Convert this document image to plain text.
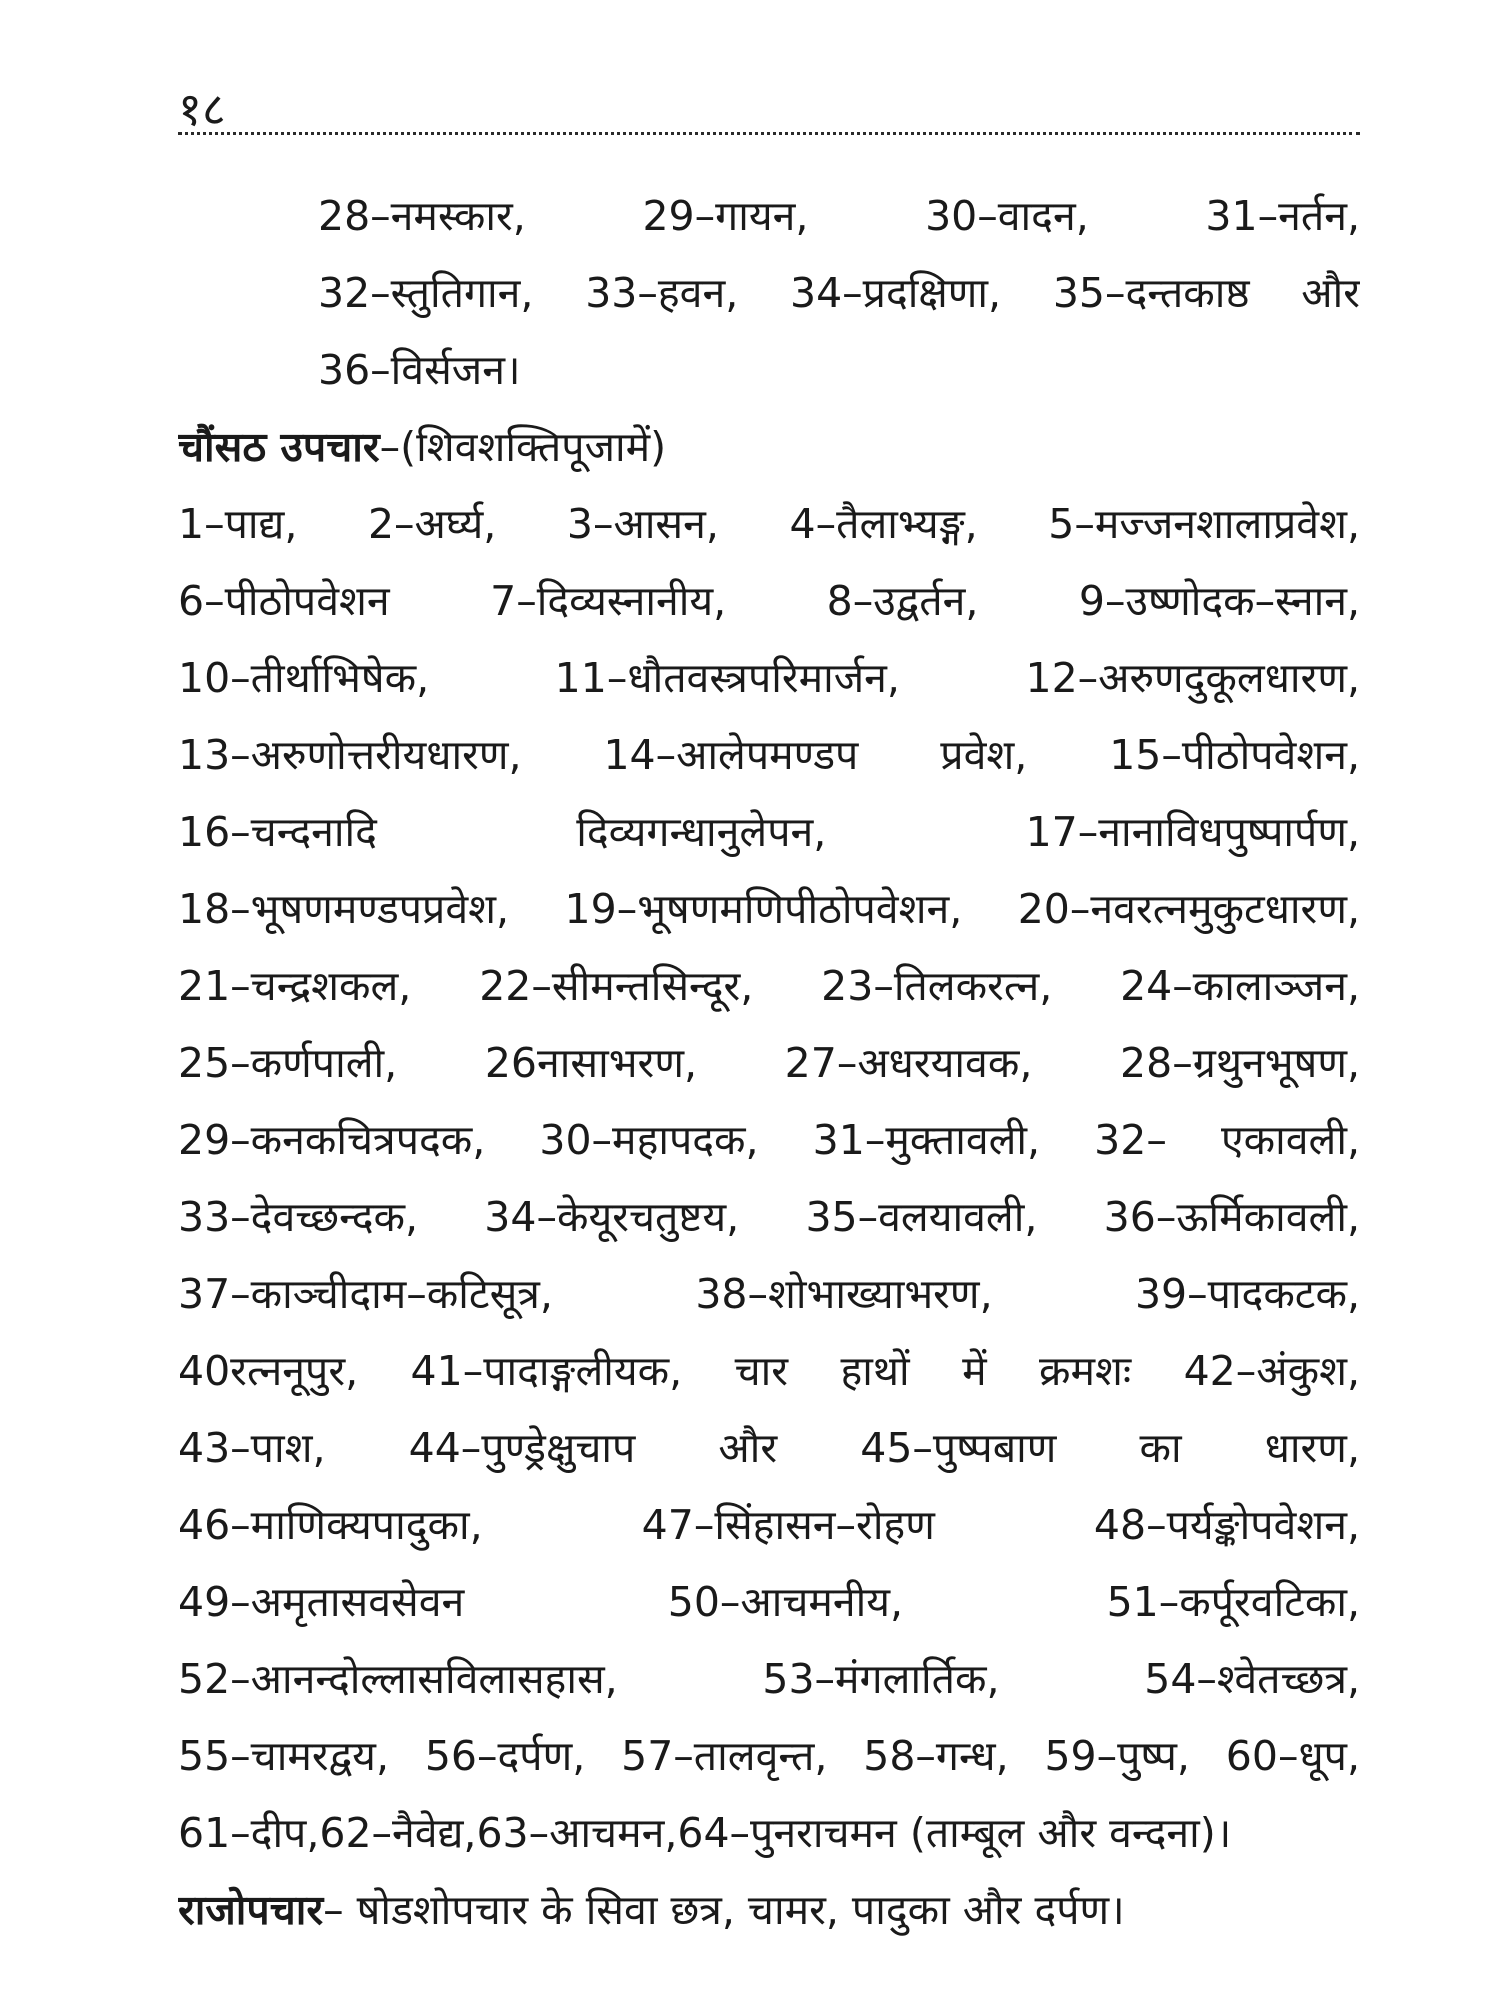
१८
28–नमस्कार, 29–गायन, 30–वादन, 31–नर्तन,
32–स्तुतिगान, 33–हवन, 34–प्रदक्षिणा, 35–दन्तकाष्ठ और
36–विर्सजन।
चौंसठ उपचार–(शिवशक्तिपूजामें)
1–पाद्य, 2–अर्घ्य, 3–आसन, 4–तैलाभ्यङ्ग, 5–मज्जनशालाप्रवेश,
6–पीठोपवेशन 7–दिव्यस्नानीय, 8–उद्वर्तन, 9–उष्णोदक–स्नान,
10–तीर्थाभिषेक, 11–धौतवस्त्रपरिमार्जन, 12–अरुणदुकूलधारण,
13–अरुणोत्तरीयधारण, 14–आलेपमण्डप प्रवेश, 15–पीठोपवेशन,
16–चन्दनादि दिव्यगन्धानुलेपन, 17–नानाविधपुष्पार्पण,
18–भूषणमण्डपप्रवेश, 19–भूषणमणिपीठोपवेशन, 20–नवरत्नमुकुटधारण,
21–चन्द्रशकल, 22–सीमन्तसिन्दूर, 23–तिलकरत्न, 24–कालाञ्जन,
25–कर्णपाली, 26नासाभरण, 27–अधरयावक, 28–ग्रथुनभूषण,
29–कनकचित्रपदक, 30–महापदक, 31–मुक्तावली, 32– एकावली,
33–देवच्छन्दक, 34–केयूरचतुष्टय, 35–वलयावली, 36–ऊर्मिकावली,
37–काञ्चीदाम–कटिसूत्र, 38–शोभाख्याभरण, 39–पादकटक,
40रत्ननूपुर, 41–पादाङ्गलीयक, चार हाथों में क्रमशः 42–अंकुश,
43–पाश, 44–पुण्ड्रेक्षुचाप और 45–पुष्पबाण का धारण,
46–माणिक्यपादुका, 47–सिंहासन–रोहण 48–पर्यङ्कोपवेशन,
49–अमृतासवसेवन 50–आचमनीय, 51–कर्पूरवटिका,
52–आनन्दोल्लासविलासहास, 53–मंगलार्तिक, 54–श्वेतच्छत्र,
55–चामरद्वय, 56–दर्पण, 57–तालवृन्त, 58–गन्ध, 59–पुष्प, 60–धूप,
61–दीप,62–नैवेद्य,63–आचमन,64–पुनराचमन (ताम्बूल और वन्दना)।
राजोपचार– षोडशोपचार के सिवा छत्र, चामर, पादुका और दर्पण।
